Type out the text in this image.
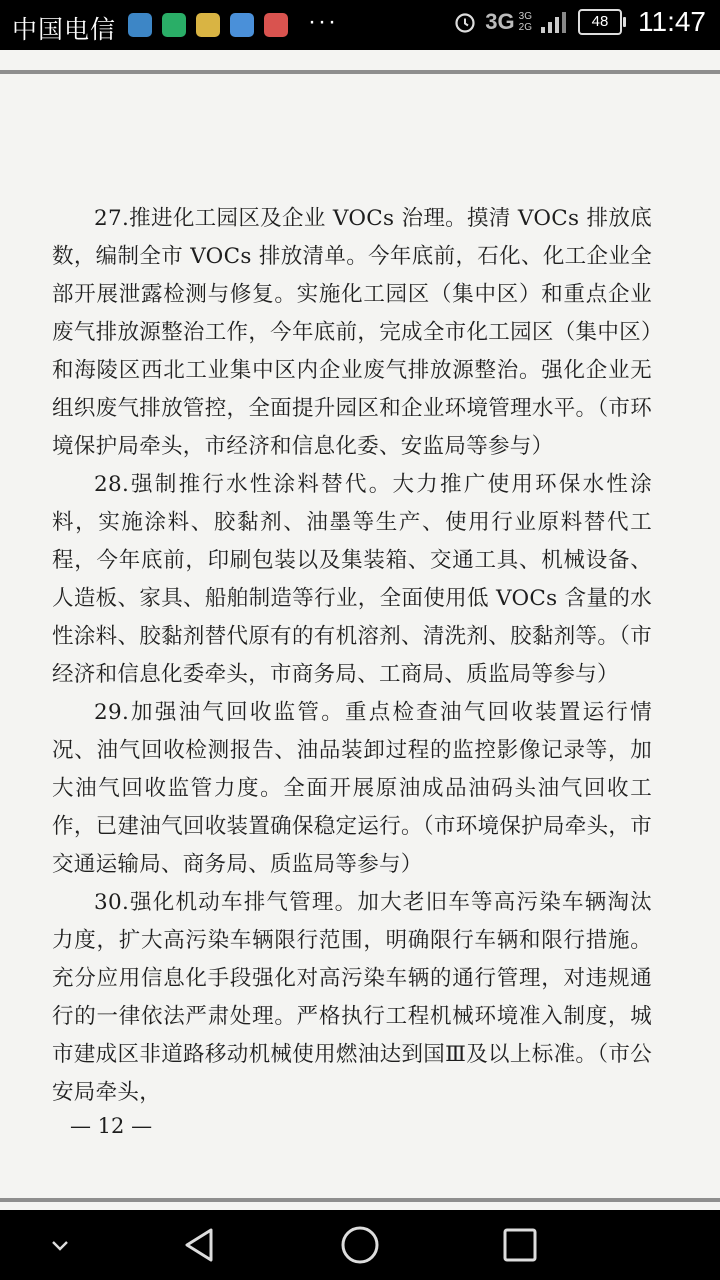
中国电信	···	3G 3G
2G	48	11:47

27.推进化工园区及企业 VOCs 治理。摸清 VOCs 排放底数，编制全市 VOCs 排放清单。今年底前，石化、化工企业全部开展泄露检测与修复。实施化工园区（集中区）和重点企业废气排放源整治工作，今年底前，完成全市化工园区（集中区）和海陵区西北工业集中区内企业废气排放源整治。强化企业无组织废气排放管控，全面提升园区和企业环境管理水平。（市环境保护局牵头，市经济和信息化委、安监局等参与）

28.强制推行水性涂料替代。大力推广使用环保水性涂料，实施涂料、胶黏剂、油墨等生产、使用行业原料替代工程，今年底前，印刷包装以及集装箱、交通工具、机械设备、人造板、家具、船舶制造等行业，全面使用低 VOCs 含量的水性涂料、胶黏剂替代原有的有机溶剂、清洗剂、胶黏剂等。（市经济和信息化委牵头，市商务局、工商局、质监局等参与）

29.加强油气回收监管。重点检查油气回收装置运行情况、油气回收检测报告、油品装卸过程的监控影像记录等，加大油气回收监管力度。全面开展原油成品油码头油气回收工作，已建油气回收装置确保稳定运行。（市环境保护局牵头，市交通运输局、商务局、质监局等参与）

30.强化机动车排气管理。加大老旧车等高污染车辆淘汰力度，扩大高污染车辆限行范围，明确限行车辆和限行措施。充分应用信息化手段强化对高污染车辆的通行管理，对违规通行的一律依法严肃处理。严格执行工程机械环境准入制度，城市建成区非道路移动机械使用燃油达到国Ⅲ及以上标准。（市公安局牵头，

— 12 —
